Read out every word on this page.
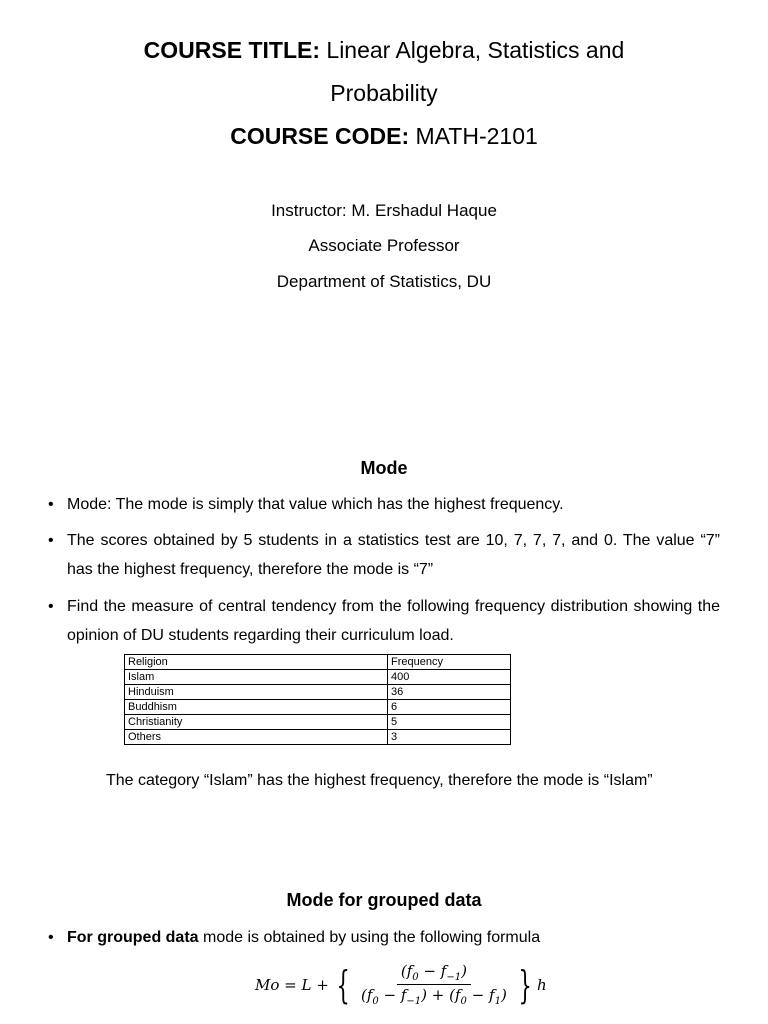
COURSE TITLE: Linear Algebra, Statistics and
Probability
COURSE CODE: MATH-2101
Instructor: M. Ershadul Haque
Associate Professor
Department of Statistics, DU
Mode
• Mode: The mode is simply that value which has the highest frequency.
• The scores obtained by 5 students in a statistics test are 10, 7, 7, 7, and 0. The value “7” has the highest frequency, therefore the mode is “7”
• Find the measure of central tendency from the following frequency distribution showing the opinion of DU students regarding their curriculum load.
Religion	Frequency
Islam	400
Hinduism	36
Buddhism	6
Christianity	5
Others	3
The category “Islam” has the highest frequency, therefore the mode is “Islam”
Mode for grouped data
• For grouped data mode is obtained by using the following formula
Mo = L + { $\frac{(f_0 - f_{-1})}{(f_0 - f_{-1}) + (f_0 - f_1)}$ } h
